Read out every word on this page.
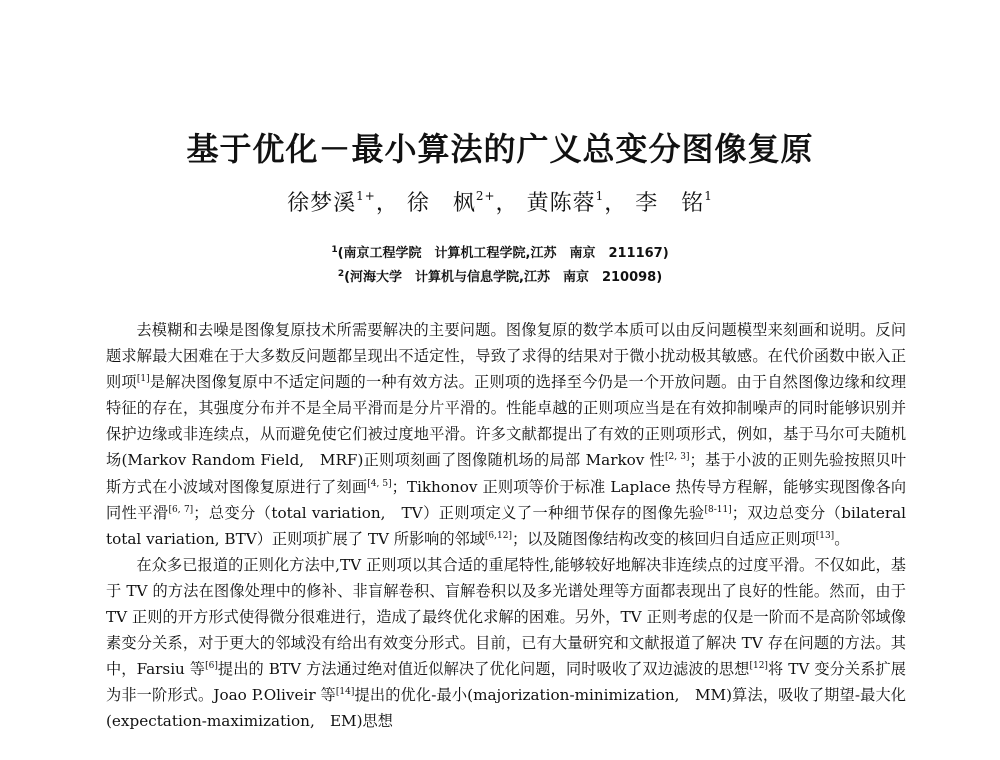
基于优化－最小算法的广义总变分图像复原
徐梦溪$^{1+}$， 徐　枫$^{2+}$， 黄陈蓉$^1$， 李　铭$^1$
$^1$(南京工程学院　计算机工程学院,江苏　南京　211167)
$^2$(河海大学　计算机与信息学院,江苏　南京　210098)

去模糊和去噪是图像复原技术所需要解决的主要问题。图像复原的数学本质可以由反问题模型来刻画和说明。反问题求解最大困难在于大多数反问题都呈现出不适定性，导致了求得的结果对于微小扰动极其敏感。在代价函数中嵌入正则项[1]是解决图像复原中不适定问题的一种有效方法。正则项的选择至今仍是一个开放问题。由于自然图像边缘和纹理特征的存在，其强度分布并不是全局平滑而是分片平滑的。性能卓越的正则项应当是在有效抑制噪声的同时能够识别并保护边缘或非连续点，从而避免使它们被过度地平滑。许多文献都提出了有效的正则项形式，例如，基于马尔可夫随机场(Markov Random Field,　MRF)正则项刻画了图像随机场的局部 Markov 性[2, 3]；基于小波的正则先验按照贝叶斯方式在小波域对图像复原进行了刻画[4, 5]；Tikhonov 正则项等价于标准 Laplace 热传导方程解，能够实现图像各向同性平滑[6, 7]；总变分（total variation,　TV）正则项定义了一种细节保存的图像先验[8-11]；双边总变分（bilateral total variation, BTV）正则项扩展了 TV 所影响的邻域[6,12]；以及随图像结构改变的核回归自适应正则项[13]。

在众多已报道的正则化方法中,TV 正则项以其合适的重尾特性,能够较好地解决非连续点的过度平滑。不仅如此，基于 TV 的方法在图像处理中的修补、非盲解卷积、盲解卷积以及多光谱处理等方面都表现出了良好的性能。然而，由于 TV 正则的开方形式使得微分很难进行，造成了最终优化求解的困难。另外，TV 正则考虑的仅是一阶而不是高阶邻域像素变分关系，对于更大的邻域没有给出有效变分形式。目前，已有大量研究和文献报道了解决 TV 存在问题的方法。其中，Farsiu 等[6]提出的 BTV 方法通过绝对值近似解决了优化问题，同时吸收了双边滤波的思想[12]将 TV 变分关系扩展为非一阶形式。Joao P.Oliveir 等[14]提出的优化-最小(majorization-minimization,　MM)算法，吸收了期望-最大化(expectation-maximization,　EM)思想
